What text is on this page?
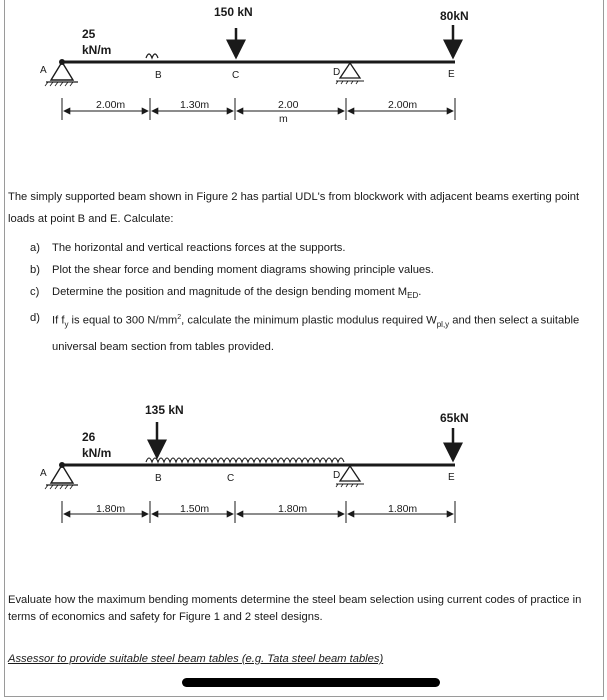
A
25
kN/m
B
150 kN
C	D
80kN
E
2.00m	1.30m	2.00
m
2.00m
The simply supported beam shown in Figure 2 has partial UDL's from blockwork with adjacent beams exerting point loads at point B and E. Calculate:
a)	The horizontal and vertical reactions forces at the supports.
b)	Plot the shear force and bending moment diagrams showing principle values.
c)	Determine the position and magnitude of the design bending moment $M_{ED}$.
d)	If $f_y$ is equal to 300 $N/mm^2$, calculate the minimum plastic modulus required $W_{pl,y}$ and then select a suitable
universal beam section from tables provided.
A
26
kN/m
135 kN
B	C	D
65kN
E
1.80m	1.50m	1.80m	1.80m
Evaluate how the maximum bending moments determine the steel beam selection using current codes of practice in terms of economics and safety for Figure 1 and 2 steel designs.
Assessor to provide suitable steel beam tables (e.g. Tata steel beam tables)
